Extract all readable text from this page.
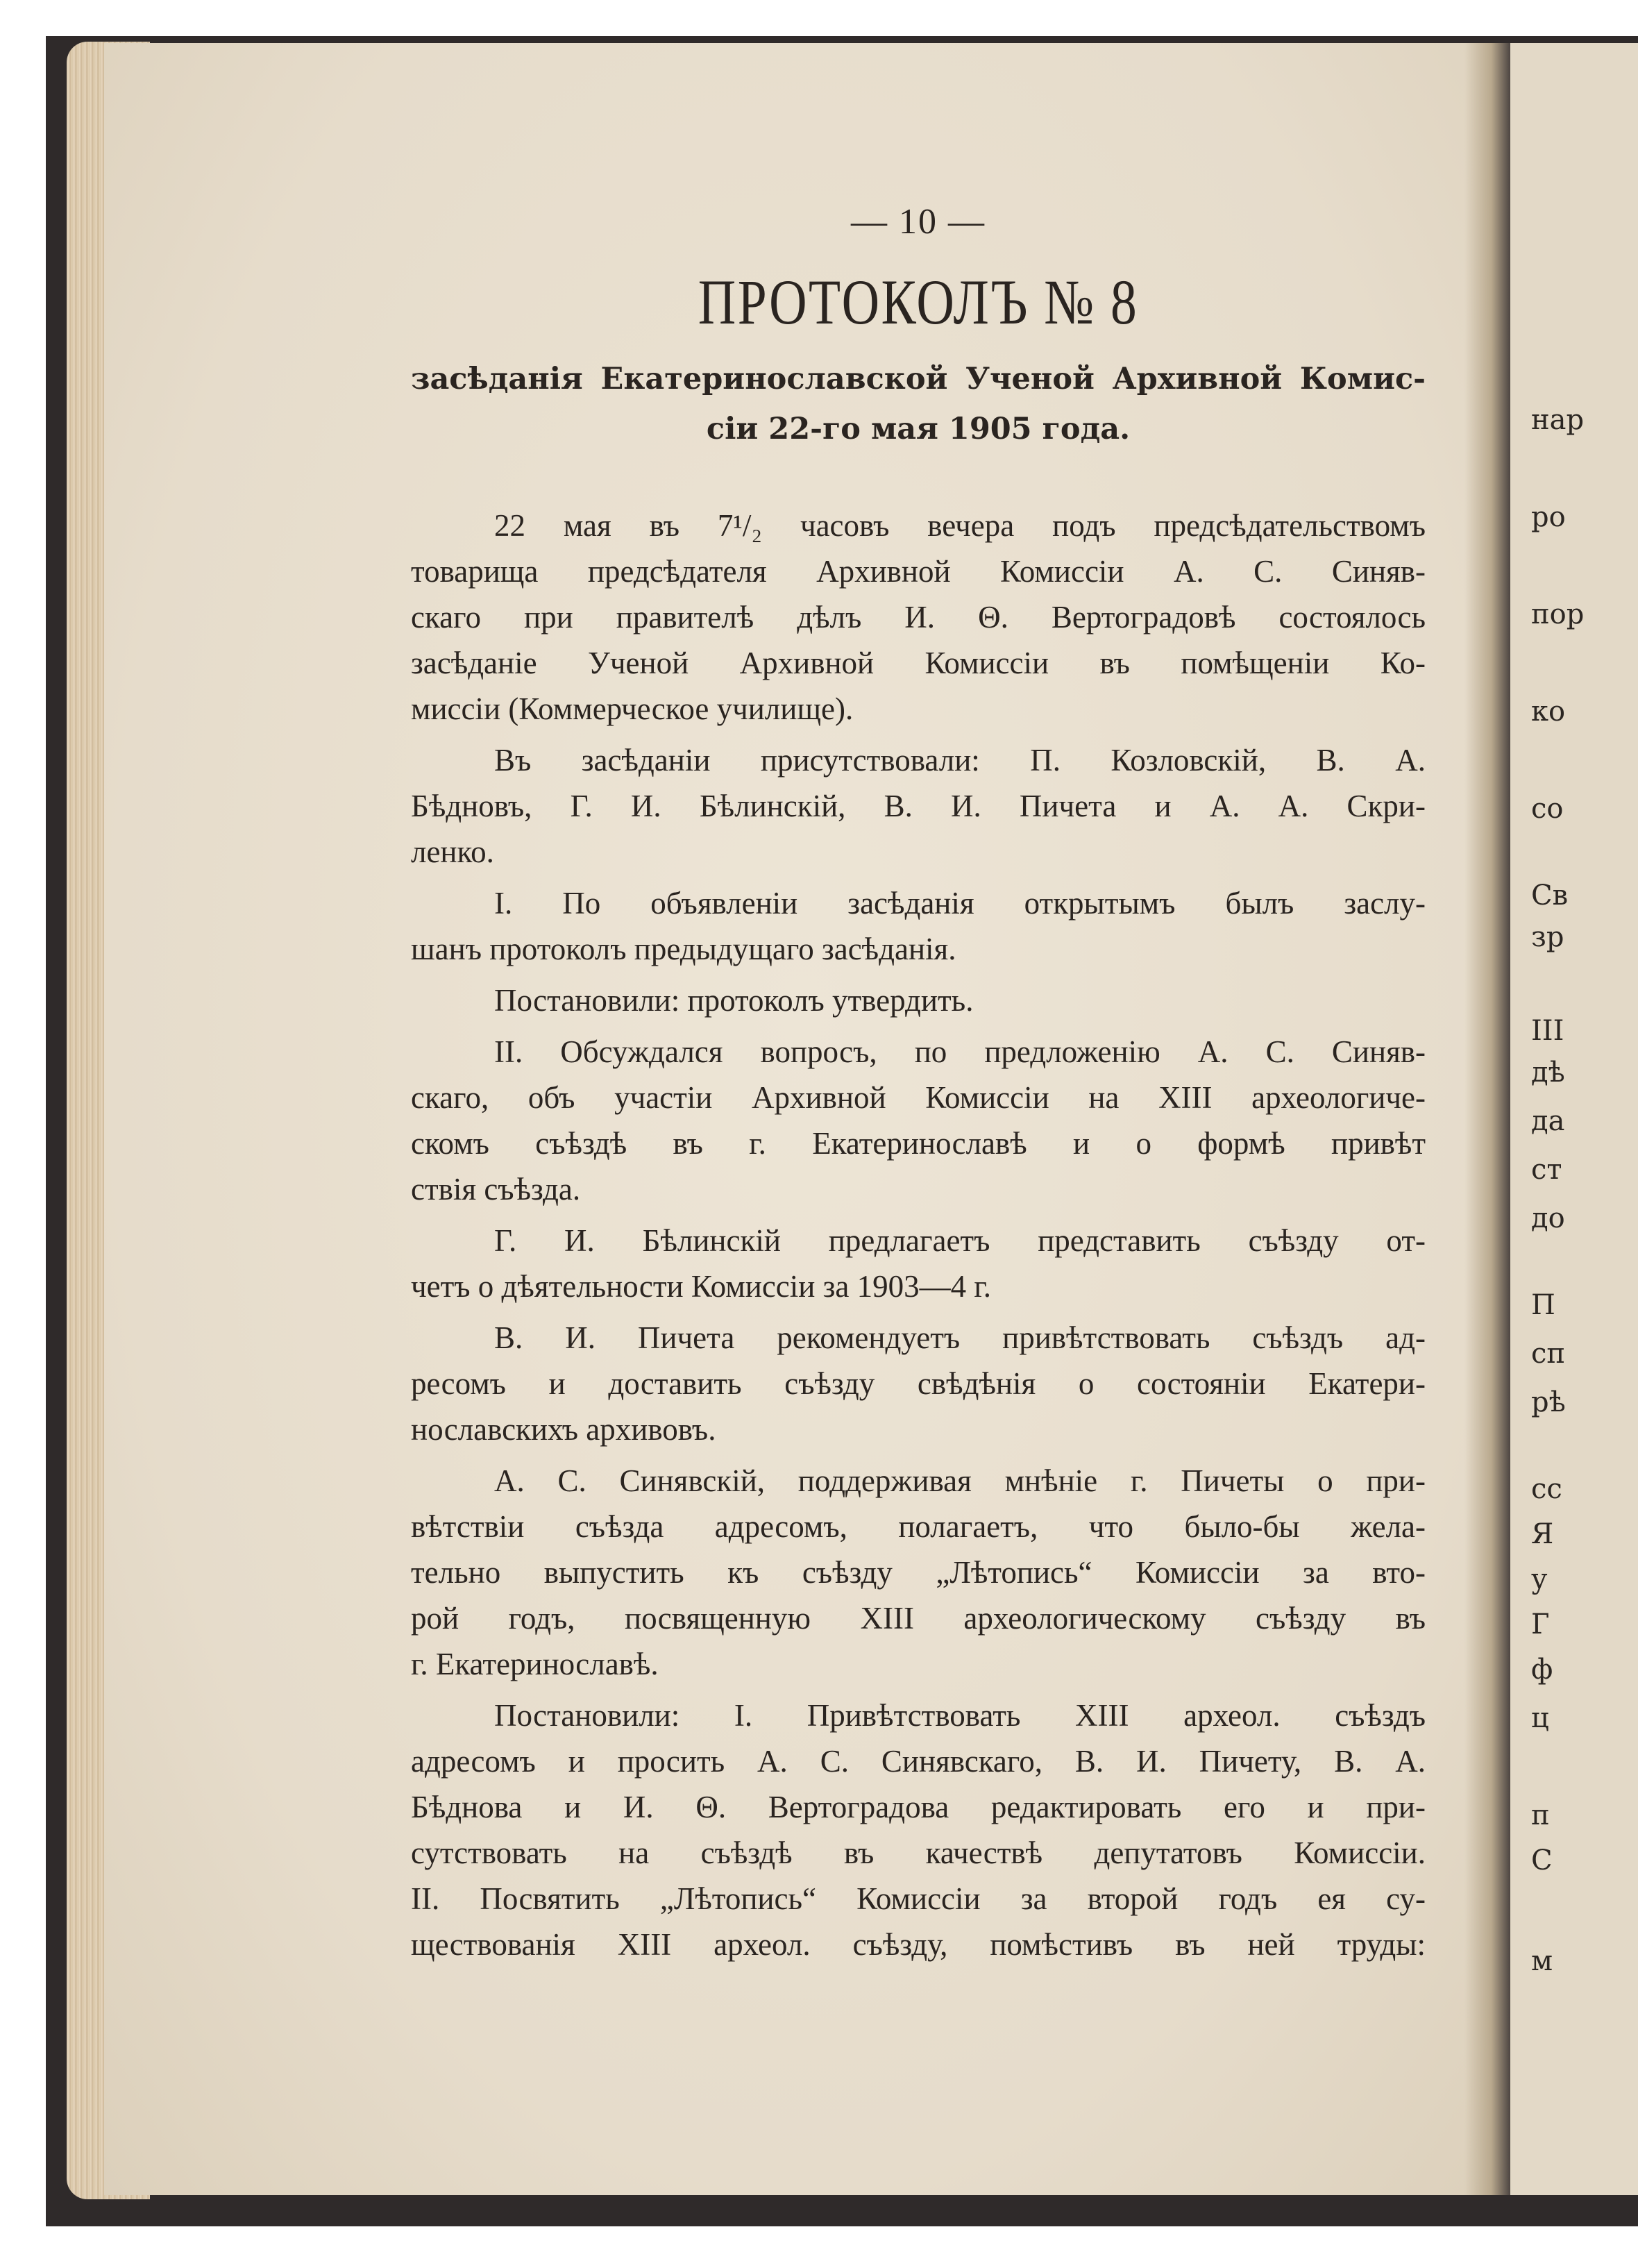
нар
ро
пор
ко
со
Св
зр
III
дѣ
да
ст
до
П
сп
рѣ
сс
Я
у
Г
ф
ц
п
С
м
— 10 —
ПРОТОКОЛЪ № 8
засѣданія Екатеринославской Ученой Архивной Комис-
сіи 22-го мая 1905 года.
22 мая въ 7¹/₂ часовъ вечера подъ предсѣдательствомъ
товарища предсѣдателя Архивной Комиссіи А. С. Синяв-
скаго при правителѣ дѣлъ И. Θ. Вертоградовѣ состоялось
засѣданіе Ученой Архивной Комиссіи въ помѣщеніи Ко-
миссіи (Коммерческое училище).
Въ засѣданіи присутствовали: П. Козловскій, В. А.
Бѣдновъ, Г. И. Бѣлинскій, В. И. Пичета и А. А. Скри-
ленко.
I. По объявленіи засѣданія открытымъ былъ заслу-
шанъ протоколъ предыдущаго засѣданія.
Постановили: протоколъ утвердить.
II. Обсуждался вопросъ, по предложенію А. С. Синяв-
скаго, объ участіи Архивной Комиссіи на XIII археологиче-
скомъ съѣздѣ въ г. Екатеринославѣ и о формѣ привѣт
ствія съѣзда.
Г. И. Бѣлинскій предлагаетъ представить съѣзду от-
четъ о дѣятельности Комиссіи за 1903—4 г.
В. И. Пичета рекомендуетъ привѣтствовать съѣздъ ад-
ресомъ и доставить съѣзду свѣдѣнія о состояніи Екатери-
нославскихъ архивовъ.
А. С. Синявскій, поддерживая мнѣніе г. Пичеты о при-
вѣтствіи съѣзда адресомъ, полагаетъ, что было-бы жела-
тельно выпустить къ съѣзду „Лѣтопись“ Комиссіи за вто-
рой годъ, посвященную XIII археологическому съѣзду въ
г. Екатеринославѣ.
Постановили: I. Привѣтствовать XIII археол. съѣздъ
адресомъ и просить А. С. Синявскаго, В. И. Пичету, В. А.
Бѣднова и И. Θ. Вертоградова редактировать его и при-
сутствовать на съѣздѣ въ качествѣ депутатовъ Комиссіи.
II. Посвятить „Лѣтопись“ Комиссіи за второй годъ ея су-
ществованія XIII археол. съѣзду, помѣстивъ въ ней труды:
